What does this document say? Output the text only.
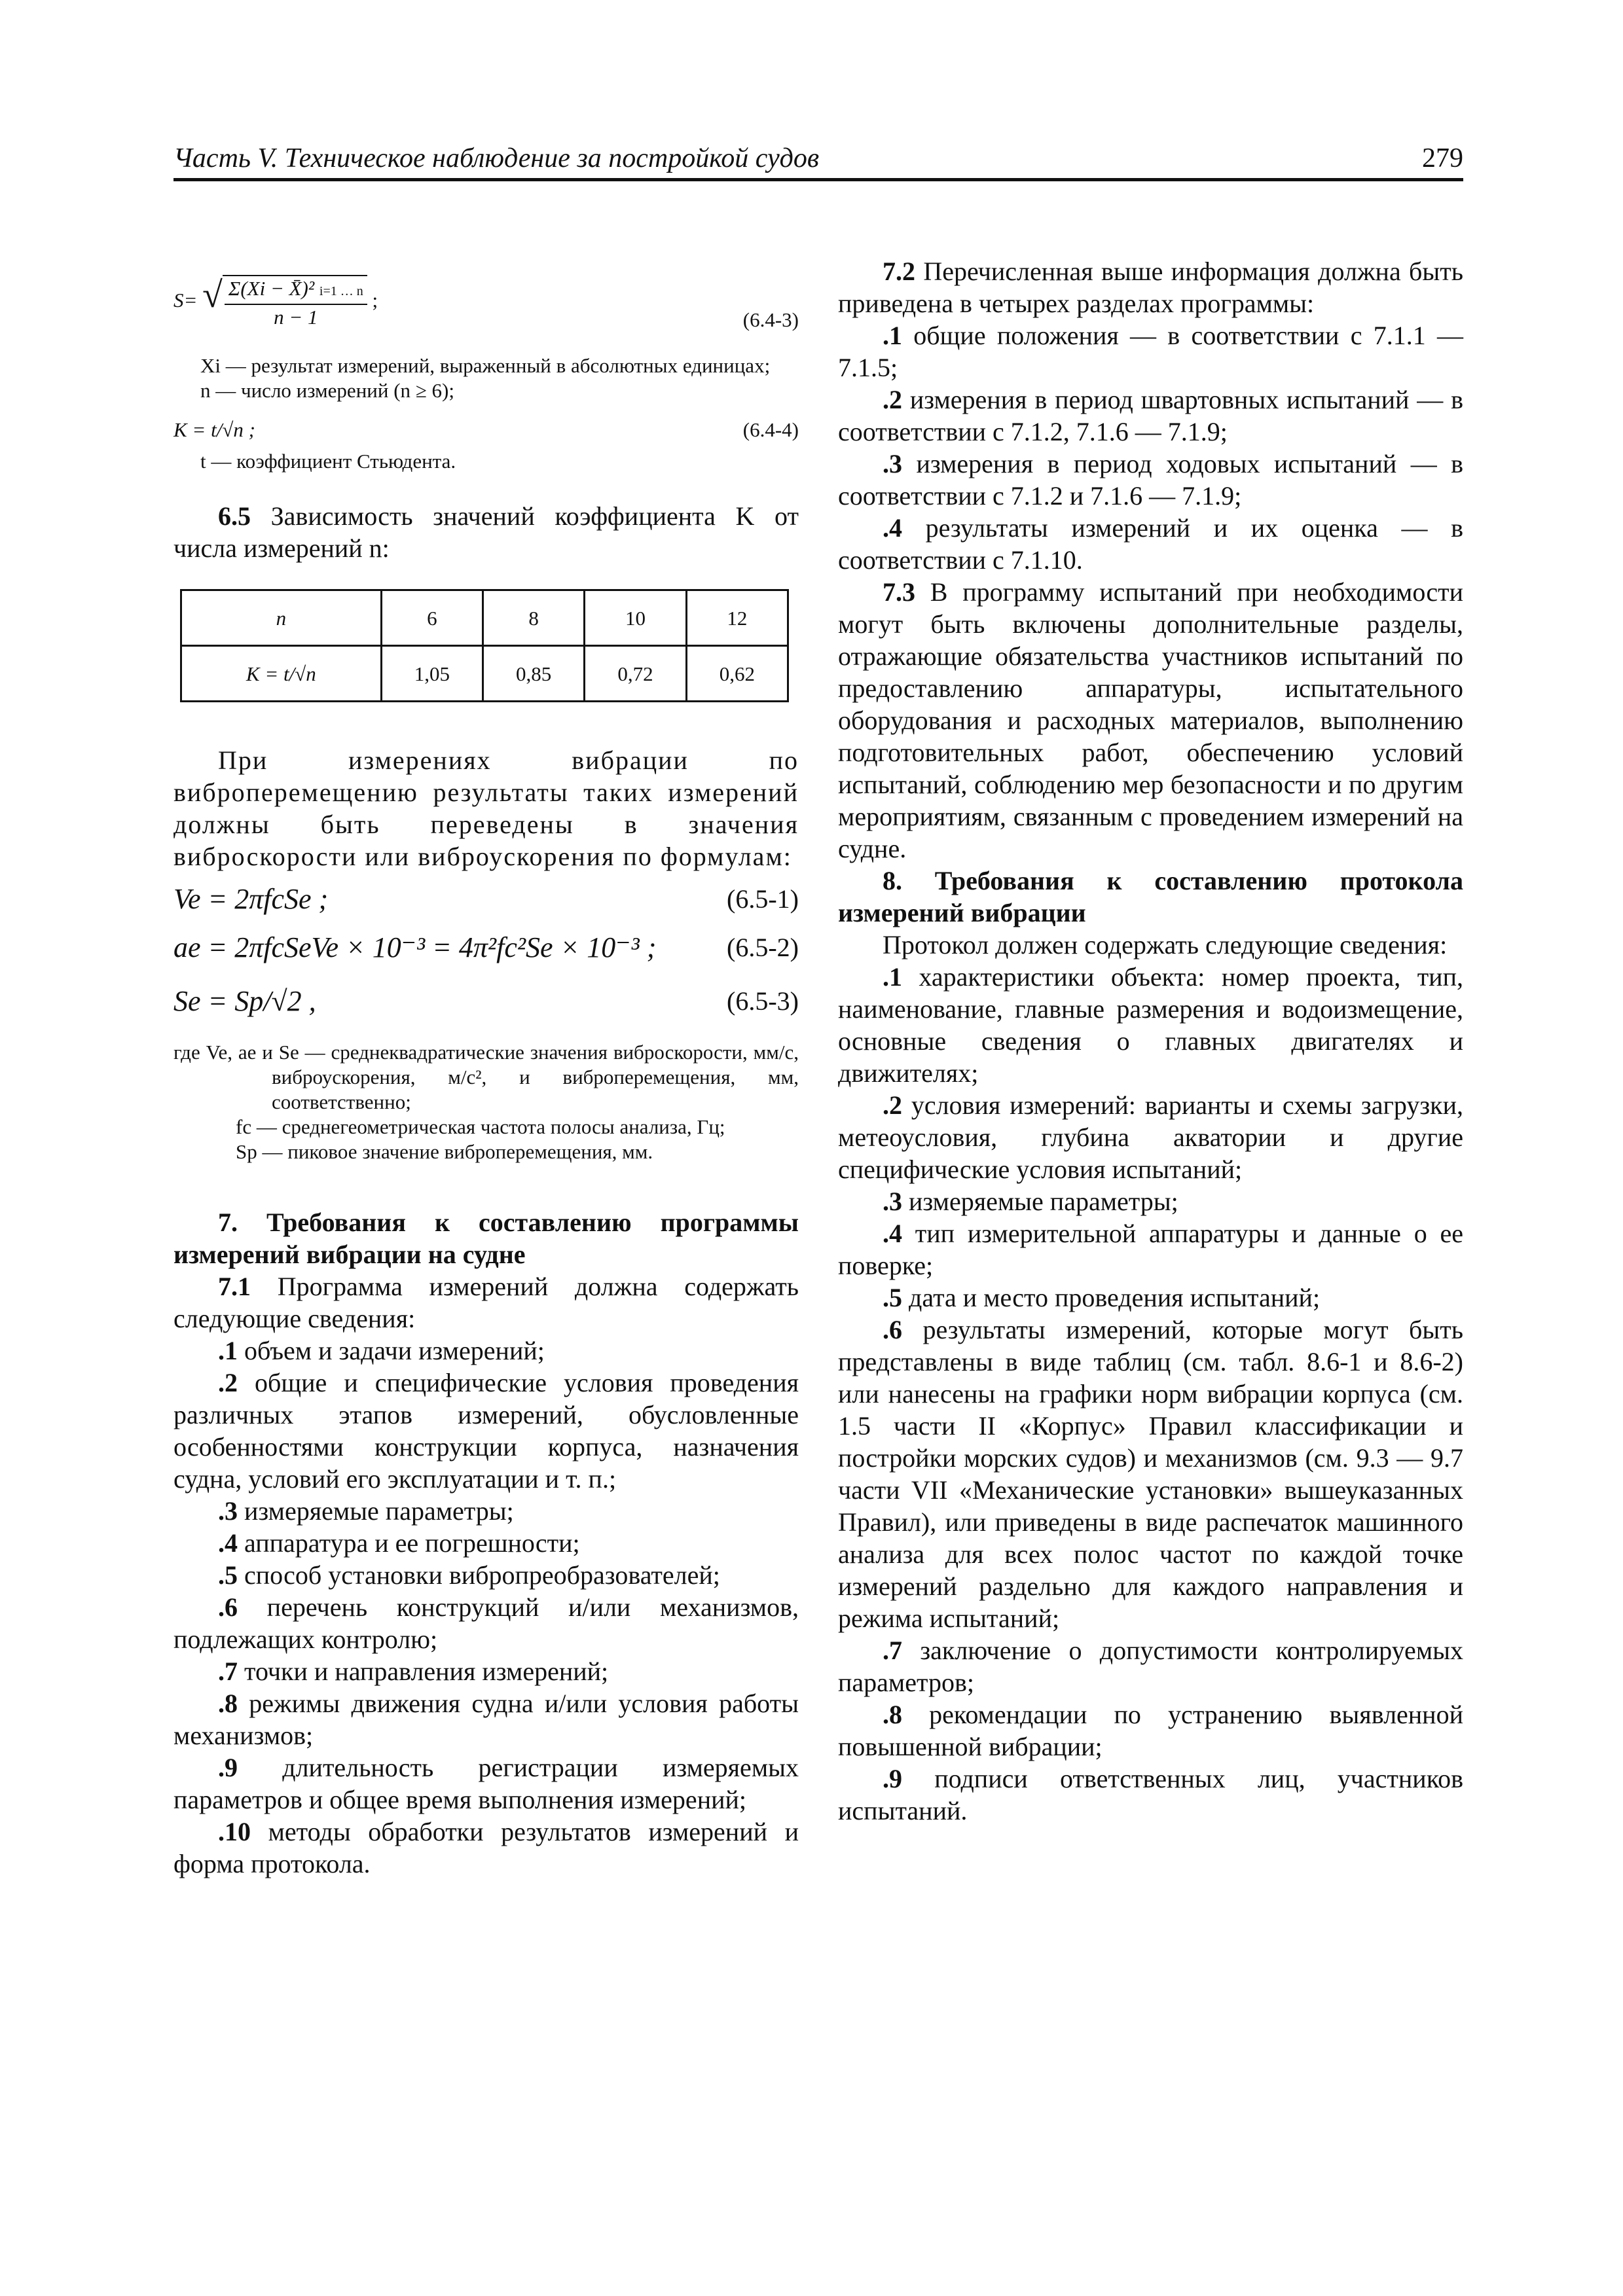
Часть V. Техническое наблюдение за постройкой судов	279
S= √ $\frac{\text{Σ(Xi − X̄)² i=1 … n}}{n - 1}$ ;
(6.4-3)

Xi — результат измерений, выраженный в абсолютных единицах;

n — число измерений (n ≥ 6);

K = t/√n ;	(6.4-4)

t — коэффициент Стьюдента.

6.5 Зависимость значений коэффициента K от числа измерений n:

n	6	8	10	12
K = t/√n	1,05	0,85	0,72	0,62

При измерениях вибрации по виброперемещению результаты таких измерений должны быть переведены в значения виброскорости или виброускорения по формулам:

Ve = 2πfcSe ;	(6.5-1)
ae = 2πfcSeVe × 10⁻³ = 4π²fc²Se × 10⁻³ ;	(6.5-2)
Se = Sp/√2 ,	(6.5-3)

где Ve, ae и Se — среднеквадратические значения виброскорости, мм/с, виброускорения, м/с², и виброперемещения, мм, соответственно;

fc — среднегеометрическая частота полосы анализа, Гц;

Sp — пиковое значение виброперемещения, мм.

7. Требования к составлению программы измерений вибрации на судне

7.1 Программа измерений должна содержать следующие сведения:

.1 объем и задачи измерений;

.2 общие и специфические условия проведения различных этапов измерений, обусловленные особенностями конструкции корпуса, назначения судна, условий его эксплуатации и т. п.;

.3 измеряемые параметры;

.4 аппаратура и ее погрешности;

.5 способ установки вибропреобразователей;

.6 перечень конструкций и/или механизмов, подлежащих контролю;

.7 точки и направления измерений;

.8 режимы движения судна и/или условия работы механизмов;

.9 длительность регистрации измеряемых параметров и общее время выполнения измерений;

.10 методы обработки результатов измерений и форма протокола.

7.2 Перечисленная выше информация должна быть приведена в четырех разделах программы:

.1 общие положения — в соответствии с 7.1.1 — 7.1.5;

.2 измерения в период швартовных испытаний — в соответствии с 7.1.2, 7.1.6 — 7.1.9;

.3 измерения в период ходовых испытаний — в соответствии с 7.1.2 и 7.1.6 — 7.1.9;

.4 результаты измерений и их оценка — в соответствии с 7.1.10.

7.3 В программу испытаний при необходимости могут быть включены дополнительные разделы, отражающие обязательства участников испытаний по предоставлению аппаратуры, испытательного оборудования и расходных материалов, выполнению подготовительных работ, обеспечению условий испытаний, соблюдению мер безопасности и по другим мероприятиям, связанным с проведением измерений на судне.

8. Требования к составлению протокола измерений вибрации

Протокол должен содержать следующие сведения:

.1 характеристики объекта: номер проекта, тип, наименование, главные размерения и водоизмещение, основные сведения о главных двигателях и движителях;

.2 условия измерений: варианты и схемы загрузки, метеоусловия, глубина акватории и другие специфические условия испытаний;

.3 измеряемые параметры;

.4 тип измерительной аппаратуры и данные о ее поверке;

.5 дата и место проведения испытаний;

.6 результаты измерений, которые могут быть представлены в виде таблиц (см. табл. 8.6-1 и 8.6-2) или нанесены на графики норм вибрации корпуса (см. 1.5 части II «Корпус» Правил классификации и постройки морских судов) и механизмов (см. 9.3 — 9.7 части VII «Механические установки» вышеуказанных Правил), или приведены в виде распечаток машинного анализа для всех полос частот по каждой точке измерений раздельно для каждого направления и режима испытаний;

.7 заключение о допустимости контролируемых параметров;

.8 рекомендации по устранению выявленной повышенной вибрации;

.9 подписи ответственных лиц, участников испытаний.
